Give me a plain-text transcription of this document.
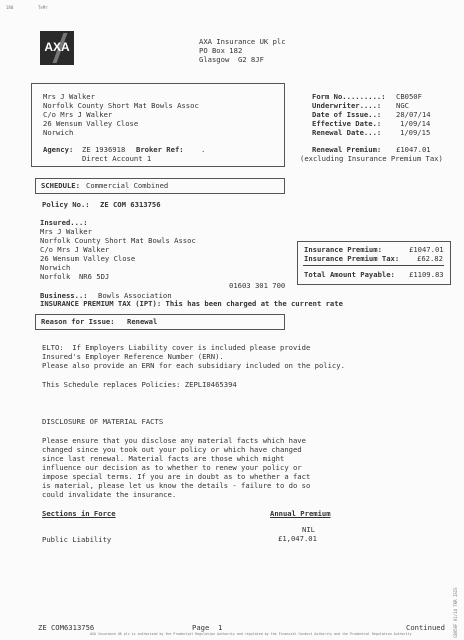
180	TeMr
AXA	AXA Insurance UK plc
PO Box 182
Glasgow  G2 8JF
Mrs J Walker
Norfolk County Short Mat Bowls Assoc
C/o Mrs J Walker
26 Wensum Valley Close
Norwich
Agency: ZE 1936918 Broker Ref: .
Direct Account 1
Form No.........: CB050F
Underwriter....: NGC
Date of Issue..: 28/07/14
Effective Date.:	1/09/14
Renewal Date...:	1/09/15
Renewal Premium: £1047.01
(excluding Insurance Premium Tax)
SCHEDULE: Commercial Combined
Policy No.: ZE COM 6313756
Insured...:
Mrs J Walker
Norfolk County Short Mat Bowls Assoc
C/o Mrs J Walker
26 Wensum Valley Close
Norwich
Norfolk  NR6 5DJ
01603 301 700
Insurance Premium:	£1047.01
Insurance Premium Tax: £62.82
Total Amount Payable: £1109.83
Business..: Bowls Association
INSURANCE PREMIUM TAX (IPT): This has been charged at the current rate
Reason for Issue: Renewal
ELTO:  If Employers Liability cover is included please provide
Insured's Employer Reference Number (ERN).
Please also provide an ERN for each subsidiary included on the policy.
This Schedule replaces Policies: ZEPLI0465394
DISCLOSURE OF MATERIAL FACTS
Please ensure that you disclose any material facts which have
changed since you took out your policy or which have changed
since last renewal. Material facts are those which might
influence our decision as to whether to renew your policy or
impose special terms. If you are in doubt as to whether a fact
is material, please let us know the details - failure to do so
could invalidate the insurance.
Sections in Force	Annual Premium
NIL
Public Liability	£1,047.01
CB050F 01/14 TKR ISIS
ZE COM6313756	Page  1	Continued
AXA Insurance UK plc is authorised by the Prudential Regulation Authority and regulated by the Financial Conduct Authority and the Prudential Regulation Authority
